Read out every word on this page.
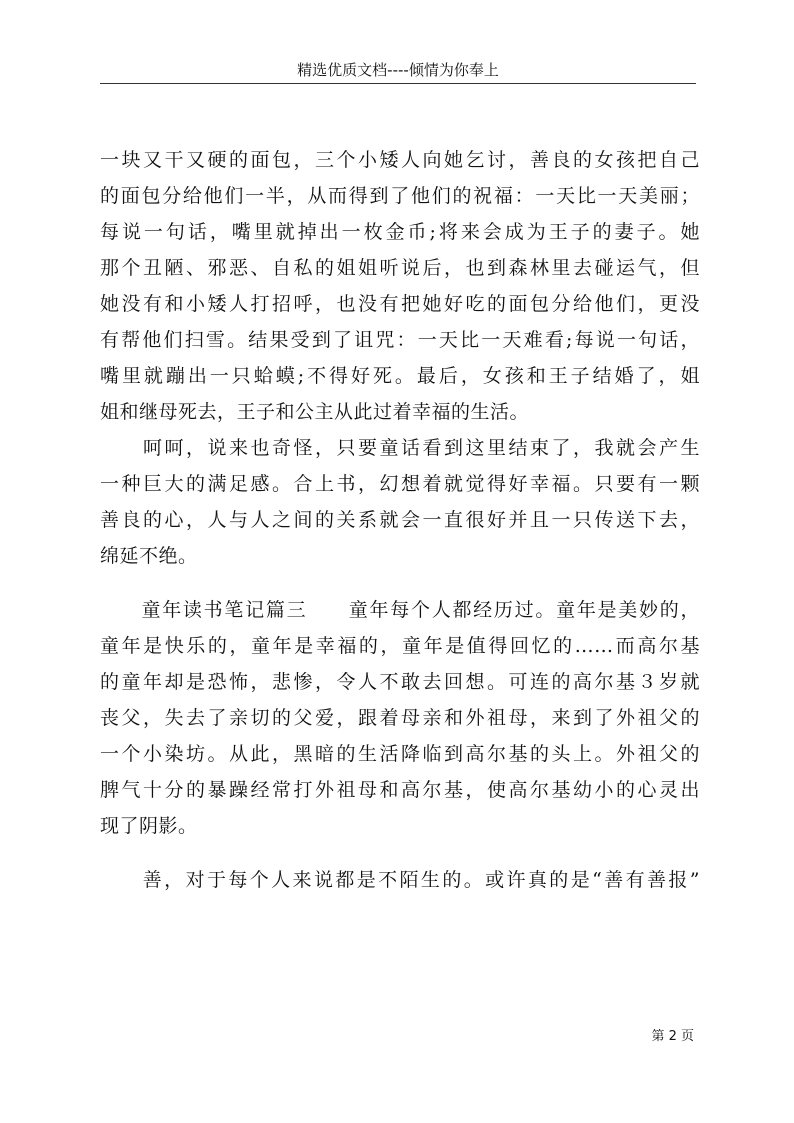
精选优质文档----倾情为你奉上
一块又干又硬的面包，三个小矮人向她乞讨，善良的女孩把自己
的面包分给他们一半，从而得到了他们的祝福：一天比一天美丽；
每说一句话，嘴里就掉出一枚金币;将来会成为王子的妻子。她
那个丑陋、邪恶、自私的姐姐听说后，也到森林里去碰运气，但
她没有和小矮人打招呼，也没有把她好吃的面包分给他们，更没
有帮他们扫雪。结果受到了诅咒：一天比一天难看;每说一句话，
嘴里就蹦出一只蛤蟆;不得好死。最后，女孩和王子结婚了，姐
姐和继母死去，王子和公主从此过着幸福的生活。
　　呵呵，说来也奇怪，只要童话看到这里结束了，我就会产生
一种巨大的满足感。合上书，幻想着就觉得好幸福。只要有一颗
善良的心，人与人之间的关系就会一直很好并且一只传送下去，
绵延不绝。
　　童年读书笔记篇三　　童年每个人都经历过。童年是美妙的，
童年是快乐的，童年是幸福的，童年是值得回忆的……而高尔基
的童年却是恐怖，悲惨，令人不敢去回想。可连的高尔基３岁就
丧父，失去了亲切的父爱，跟着母亲和外祖母，来到了外祖父的
一个小染坊。从此，黑暗的生活降临到高尔基的头上。外祖父的
脾气十分的暴躁经常打外祖母和高尔基，使高尔基幼小的心灵出
现了阴影。
　　善，对于每个人来说都是不陌生的。或许真的是“善有善报”
第 2 页
